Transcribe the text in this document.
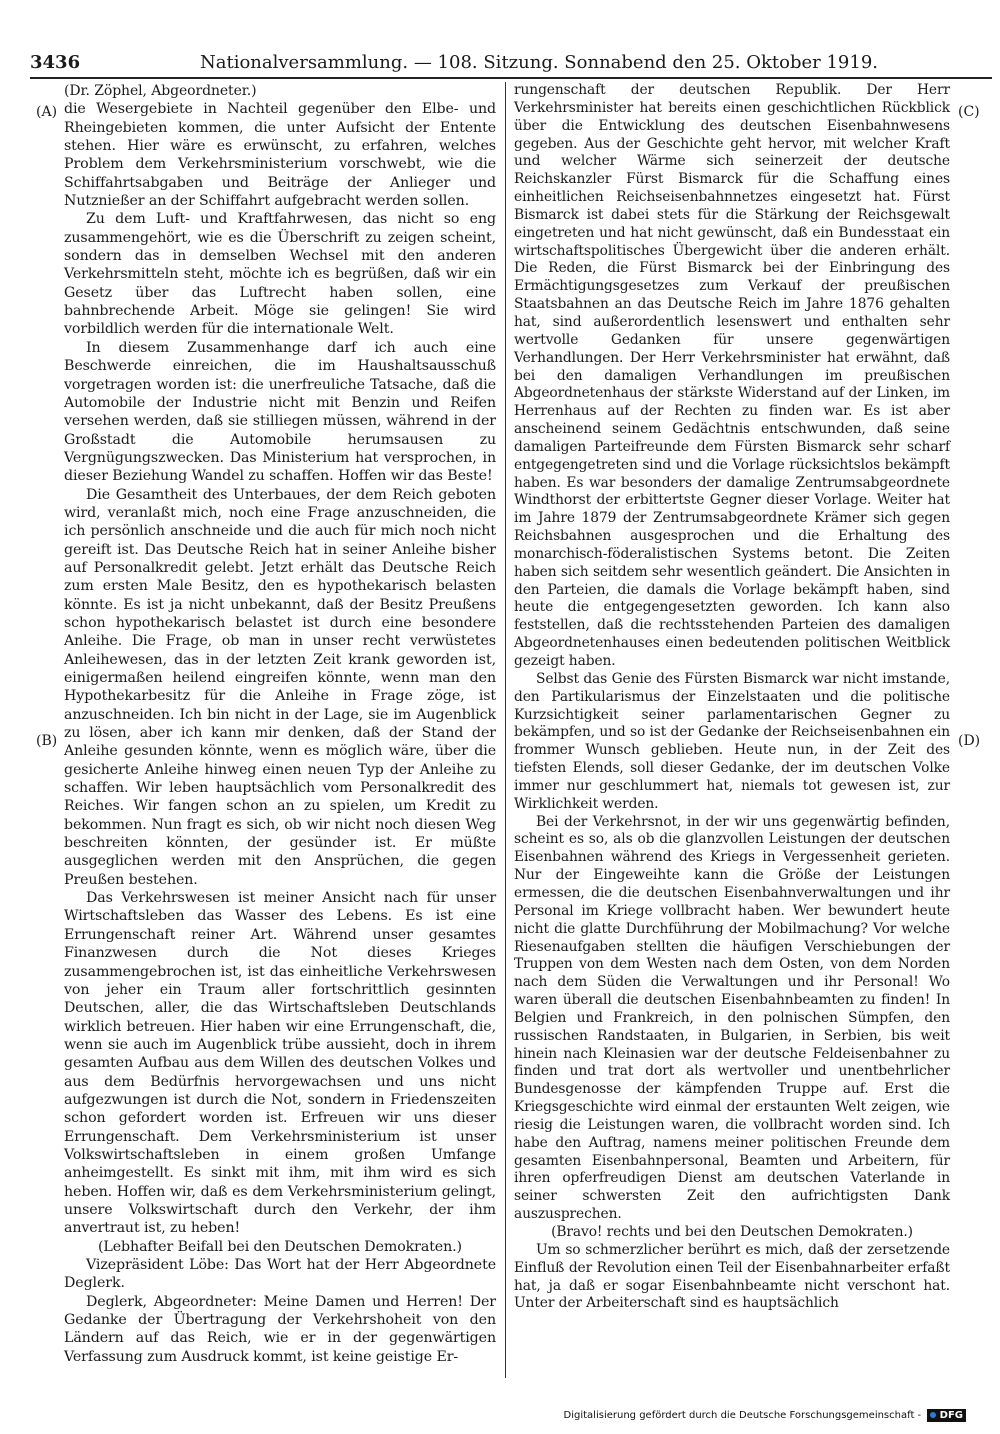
3436	Nationalversammlung. — 108. Sitzung. Sonnabend den 25. Oktober 1919.
(A)
(B)
(C)
(D)

(Dr. Zöphel, Abgeordneter.)

die Wesergebiete in Nachteil gegenüber den Elbe- und Rheingebieten kommen, die unter Aufsicht der Entente stehen. Hier wäre es erwünscht, zu erfahren, welches Problem dem Verkehrsministerium vorschwebt, wie die Schiffahrtsabgaben und Beiträge der Anlieger und Nutznießer an der Schiffahrt aufgebracht werden sollen.

Zu dem Luft- und Kraftfahrwesen, das nicht so eng zusammengehört, wie es die Überschrift zu zeigen scheint, sondern das in demselben Wechsel mit den anderen Verkehrsmitteln steht, möchte ich es begrüßen, daß wir ein Gesetz über das Luftrecht haben sollen, eine bahnbrechende Arbeit. Möge sie gelingen! Sie wird vorbildlich werden für die internationale Welt.

In diesem Zusammenhange darf ich auch eine Beschwerde einreichen, die im Haushaltsausschuß vorgetragen worden ist: die unerfreuliche Tatsache, daß die Automobile der Industrie nicht mit Benzin und Reifen versehen werden, daß sie stilliegen müssen, während in der Großstadt die Automobile herumsausen zu Vergnügungszwecken. Das Ministerium hat versprochen, in dieser Beziehung Wandel zu schaffen. Hoffen wir das Beste!

Die Gesamtheit des Unterbaues, der dem Reich geboten wird, veranlaßt mich, noch eine Frage anzuschneiden, die ich persönlich anschneide und die auch für mich noch nicht gereift ist. Das Deutsche Reich hat in seiner Anleihe bisher auf Personalkredit gelebt. Jetzt erhält das Deutsche Reich zum ersten Male Besitz, den es hypothekarisch belasten könnte. Es ist ja nicht unbekannt, daß der Besitz Preußens schon hypothekarisch belastet ist durch eine besondere Anleihe. Die Frage, ob man in unser recht verwüstetes Anleihewesen, das in der letzten Zeit krank geworden ist, einigermaßen heilend eingreifen könnte, wenn man den Hypothekarbesitz für die Anleihe in Frage zöge, ist anzuschneiden. Ich bin nicht in der Lage, sie im Augenblick zu lösen, aber ich kann mir denken, daß der Stand der Anleihe gesunden könnte, wenn es möglich wäre, über die gesicherte Anleihe hinweg einen neuen Typ der Anleihe zu schaffen. Wir leben hauptsächlich vom Personalkredit des Reiches. Wir fangen schon an zu spielen, um Kredit zu bekommen. Nun fragt es sich, ob wir nicht noch diesen Weg beschreiten könnten, der gesünder ist. Er müßte ausgeglichen werden mit den Ansprüchen, die gegen Preußen bestehen.

Das Verkehrswesen ist meiner Ansicht nach für unser Wirtschaftsleben das Wasser des Lebens. Es ist eine Errungenschaft reiner Art. Während unser gesamtes Finanzwesen durch die Not dieses Krieges zusammengebrochen ist, ist das einheitliche Verkehrswesen von jeher ein Traum aller fortschrittlich gesinnten Deutschen, aller, die das Wirtschaftsleben Deutschlands wirklich betreuen. Hier haben wir eine Errungenschaft, die, wenn sie auch im Augenblick trübe aussieht, doch in ihrem gesamten Aufbau aus dem Willen des deutschen Volkes und aus dem Bedürfnis hervorgewachsen und uns nicht aufgezwungen ist durch die Not, sondern in Friedenszeiten schon gefordert worden ist. Erfreuen wir uns dieser Errungenschaft. Dem Verkehrsministerium ist unser Volkswirtschaftsleben in einem großen Umfange anheimgestellt. Es sinkt mit ihm, mit ihm wird es sich heben. Hoffen wir, daß es dem Verkehrsministerium gelingt, unsere Volkswirtschaft durch den Verkehr, der ihm anvertraut ist, zu heben!

(Lebhafter Beifall bei den Deutschen Demokraten.)

Vizepräsident Löbe: Das Wort hat der Herr Abgeordnete Deglerk.

Deglerk, Abgeordneter: Meine Damen und Herren! Der Gedanke der Übertragung der Verkehrshoheit von den Ländern auf das Reich, wie er in der gegenwärtigen Verfassung zum Ausdruck kommt, ist keine geistige Er-

rungenschaft der deutschen Republik. Der Herr Verkehrsminister hat bereits einen geschichtlichen Rückblick über die Entwicklung des deutschen Eisenbahnwesens gegeben. Aus der Geschichte geht hervor, mit welcher Kraft und welcher Wärme sich seinerzeit der deutsche Reichskanzler Fürst Bismarck für die Schaffung eines einheitlichen Reichseisenbahnnetzes eingesetzt hat. Fürst Bismarck ist dabei stets für die Stärkung der Reichsgewalt eingetreten und hat nicht gewünscht, daß ein Bundesstaat ein wirtschaftspolitisches Übergewicht über die anderen erhält. Die Reden, die Fürst Bismarck bei der Einbringung des Ermächtigungsgesetzes zum Verkauf der preußischen Staatsbahnen an das Deutsche Reich im Jahre 1876 gehalten hat, sind außerordentlich lesenswert und enthalten sehr wertvolle Gedanken für unsere gegenwärtigen Verhandlungen. Der Herr Verkehrsminister hat erwähnt, daß bei den damaligen Verhandlungen im preußischen Abgeordnetenhaus der stärkste Widerstand auf der Linken, im Herrenhaus auf der Rechten zu finden war. Es ist aber anscheinend seinem Gedächtnis entschwunden, daß seine damaligen Parteifreunde dem Fürsten Bismarck sehr scharf entgegengetreten sind und die Vorlage rücksichtslos bekämpft haben. Es war besonders der damalige Zentrumsabgeordnete Windthorst der erbittertste Gegner dieser Vorlage. Weiter hat im Jahre 1879 der Zentrumsabgeordnete Krämer sich gegen Reichsbahnen ausgesprochen und die Erhaltung des monarchisch-föderalistischen Systems betont. Die Zeiten haben sich seitdem sehr wesentlich geändert. Die Ansichten in den Parteien, die damals die Vorlage bekämpft haben, sind heute die entgegengesetzten geworden. Ich kann also feststellen, daß die rechtsstehenden Parteien des damaligen Abgeordnetenhauses einen bedeutenden politischen Weitblick gezeigt haben.

Selbst das Genie des Fürsten Bismarck war nicht imstande, den Partikularismus der Einzelstaaten und die politische Kurzsichtigkeit seiner parlamentarischen Gegner zu bekämpfen, und so ist der Gedanke der Reichseisenbahnen ein frommer Wunsch geblieben. Heute nun, in der Zeit des tiefsten Elends, soll dieser Gedanke, der im deutschen Volke immer nur geschlummert hat, niemals tot gewesen ist, zur Wirklichkeit werden.

Bei der Verkehrsnot, in der wir uns gegenwärtig befinden, scheint es so, als ob die glanzvollen Leistungen der deutschen Eisenbahnen während des Kriegs in Vergessenheit gerieten. Nur der Eingeweihte kann die Größe der Leistungen ermessen, die die deutschen Eisenbahnverwaltungen und ihr Personal im Kriege vollbracht haben. Wer bewundert heute nicht die glatte Durchführung der Mobilmachung? Vor welche Riesenaufgaben stellten die häufigen Verschiebungen der Truppen von dem Westen nach dem Osten, von dem Norden nach dem Süden die Verwaltungen und ihr Personal! Wo waren überall die deutschen Eisenbahnbeamten zu finden! In Belgien und Frankreich, in den polnischen Sümpfen, den russischen Randstaaten, in Bulgarien, in Serbien, bis weit hinein nach Kleinasien war der deutsche Feldeisenbahner zu finden und trat dort als wertvoller und unentbehrlicher Bundesgenosse der kämpfenden Truppe auf. Erst die Kriegsgeschichte wird einmal der erstaunten Welt zeigen, wie riesig die Leistungen waren, die vollbracht worden sind. Ich habe den Auftrag, namens meiner politischen Freunde dem gesamten Eisenbahnpersonal, Beamten und Arbeitern, für ihren opferfreudigen Dienst am deutschen Vaterlande in seiner schwersten Zeit den aufrichtigsten Dank auszusprechen.

(Bravo! rechts und bei den Deutschen Demokraten.)

Um so schmerzlicher berührt es mich, daß der zersetzende Einfluß der Revolution einen Teil der Eisenbahnarbeiter erfaßt hat, ja daß er sogar Eisenbahnbeamte nicht verschont hat. Unter der Arbeiterschaft sind es hauptsächlich

Digitalisierung gefördert durch die Deutsche Forschungsgemeinschaft -	DFG
